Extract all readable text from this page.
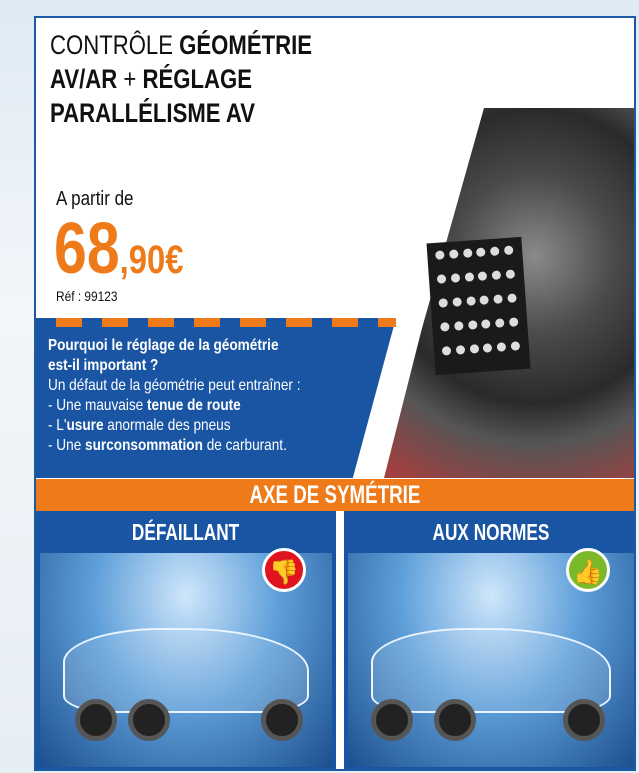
CONTRÔLE GÉOMÉTRIE
AV/AR + RÉGLAGE
PARALLÉLISME AV
A partir de
68,90€
Réf : 99123
Pourquoi le réglage de la géométrie
est-il important ?
Un défaut de la géométrie peut entraîner :
- Une mauvaise tenue de route
- L'usure anormale des pneus
- Une surconsommation de carburant.
AXE DE SYMÉTRIE
DÉFAILLANT	AUX NORMES
👎	👍
